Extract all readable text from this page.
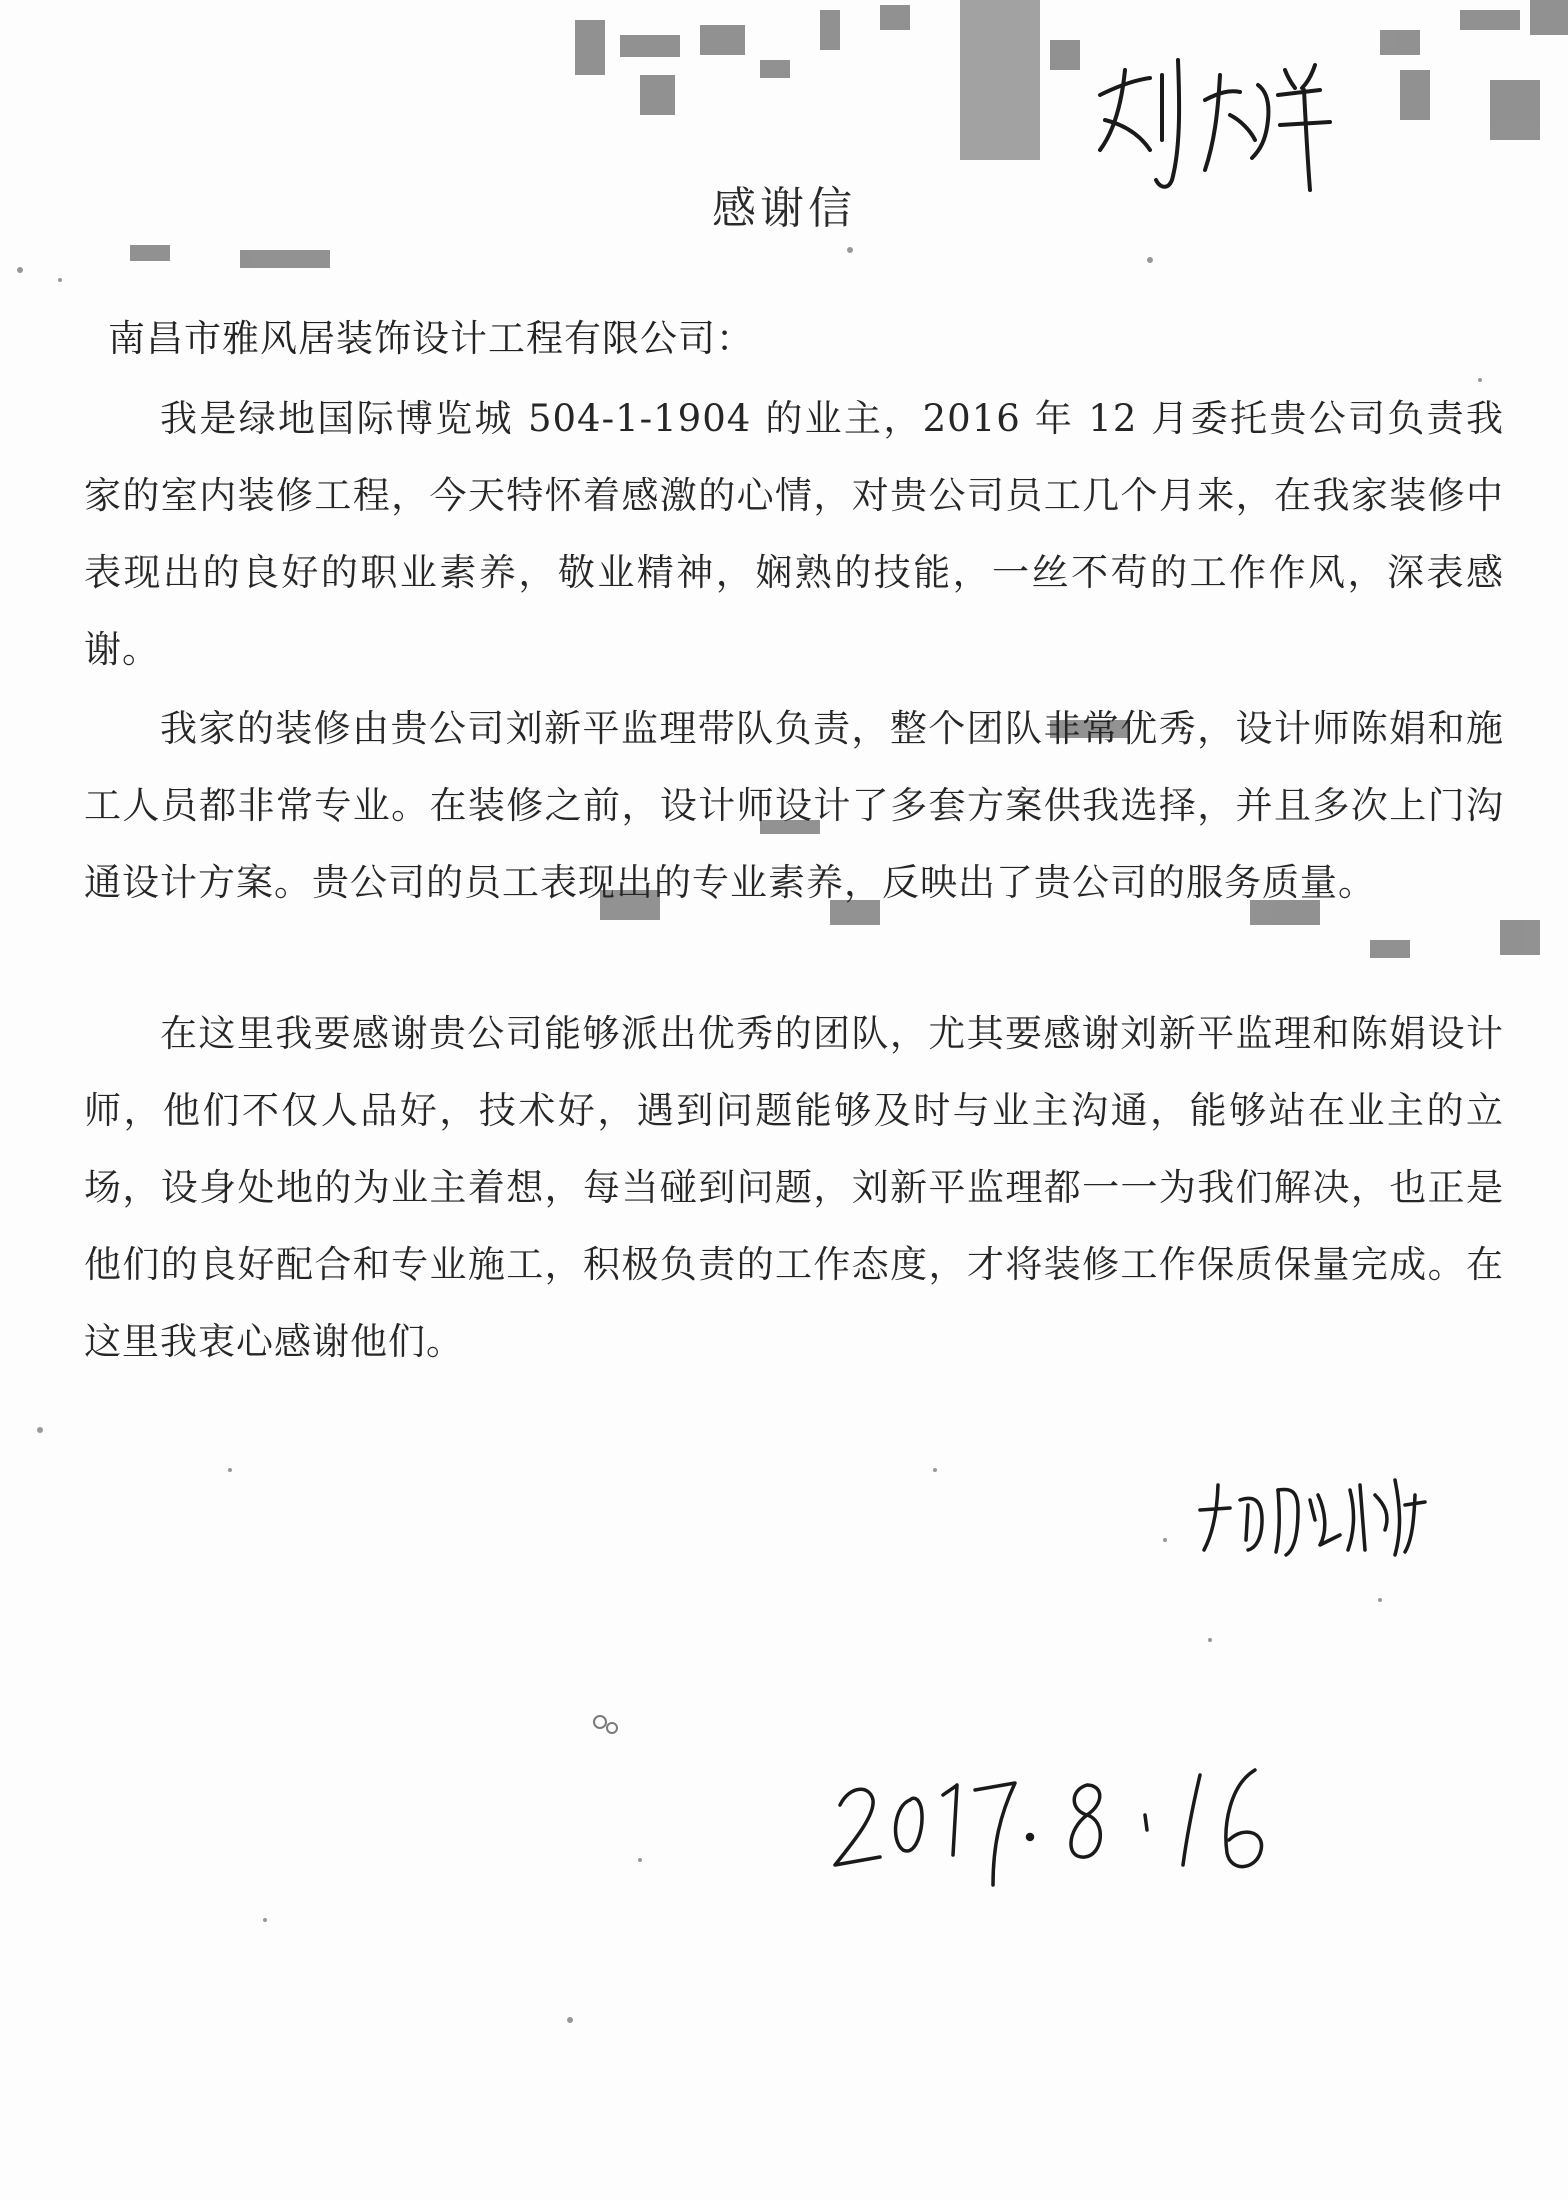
感谢信
南昌市雅风居装饰设计工程有限公司：

我是绿地国际博览城 504-1-1904 的业主，2016 年 12 月委托贵公司负责我家的室内装修工程，今天特怀着感激的心情，对贵公司员工几个月来，在我家装修中表现出的良好的职业素养，敬业精神，娴熟的技能，一丝不苟的工作作风，深表感谢。

我家的装修由贵公司刘新平监理带队负责，整个团队非常优秀，设计师陈娟和施工人员都非常专业。在装修之前，设计师设计了多套方案供我选择，并且多次上门沟通设计方案。贵公司的员工表现出的专业素养，反映出了贵公司的服务质量。

在这里我要感谢贵公司能够派出优秀的团队，尤其要感谢刘新平监理和陈娟设计师，他们不仅人品好，技术好，遇到问题能够及时与业主沟通，能够站在业主的立场，设身处地的为业主着想，每当碰到问题，刘新平监理都一一为我们解决，也正是他们的良好配合和专业施工，积极负责的工作态度，才将装修工作保质保量完成。在这里我衷心感谢他们。
